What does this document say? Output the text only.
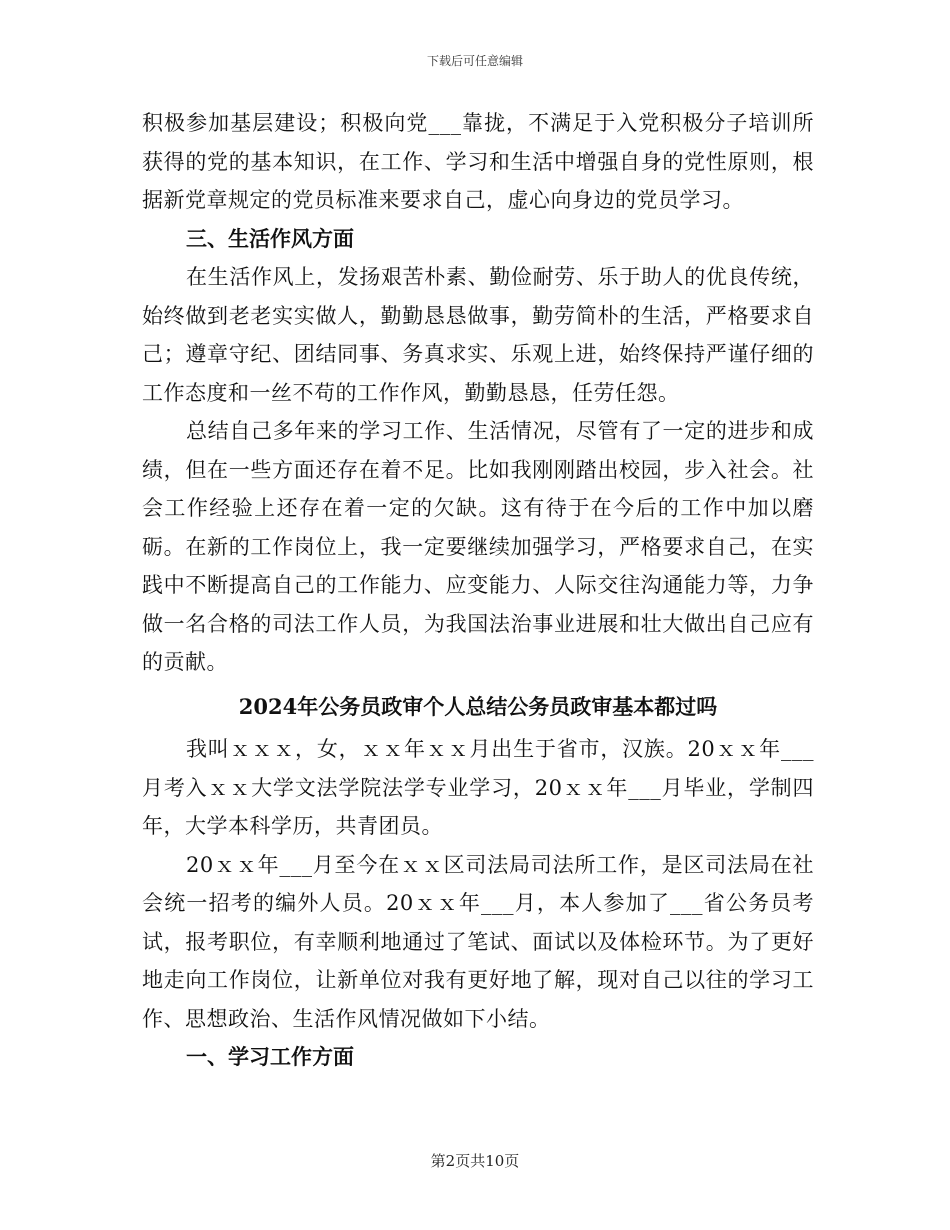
下载后可任意编辑

积极参加基层建设；积极向党___靠拢，不满足于入党积极分子培训所获得的党的基本知识，在工作、学习和生活中增强自身的党性原则，根据新党章规定的党员标准来要求自己，虚心向身边的党员学习。

三、生活作风方面

在生活作风上，发扬艰苦朴素、勤俭耐劳、乐于助人的优良传统，始终做到老老实实做人，勤勤恳恳做事，勤劳简朴的生活，严格要求自己；遵章守纪、团结同事、务真求实、乐观上进，始终保持严谨仔细的工作态度和一丝不苟的工作作风，勤勤恳恳，任劳任怨。

总结自己多年来的学习工作、生活情况，尽管有了一定的进步和成绩，但在一些方面还存在着不足。比如我刚刚踏出校园，步入社会。社会工作经验上还存在着一定的欠缺。这有待于在今后的工作中加以磨砺。在新的工作岗位上，我一定要继续加强学习，严格要求自己，在实践中不断提高自己的工作能力、应变能力、人际交往沟通能力等，力争做一名合格的司法工作人员，为我国法治事业进展和壮大做出自己应有的贡献。

2024年公务员政审个人总结公务员政审基本都过吗

我叫ｘｘｘ，女，ｘｘ年ｘｘ月出生于省市，汉族。20ｘｘ年___月考入ｘｘ大学文法学院法学专业学习，20ｘｘ年___月毕业，学制四年，大学本科学历，共青团员。

20ｘｘ年___月至今在ｘｘ区司法局司法所工作，是区司法局在社会统一招考的编外人员。20ｘｘ年___月，本人参加了___省公务员考试，报考职位，有幸顺利地通过了笔试、面试以及体检环节。为了更好地走向工作岗位，让新单位对我有更好地了解，现对自己以往的学习工作、思想政治、生活作风情况做如下小结。

一、学习工作方面

第2页共10页
